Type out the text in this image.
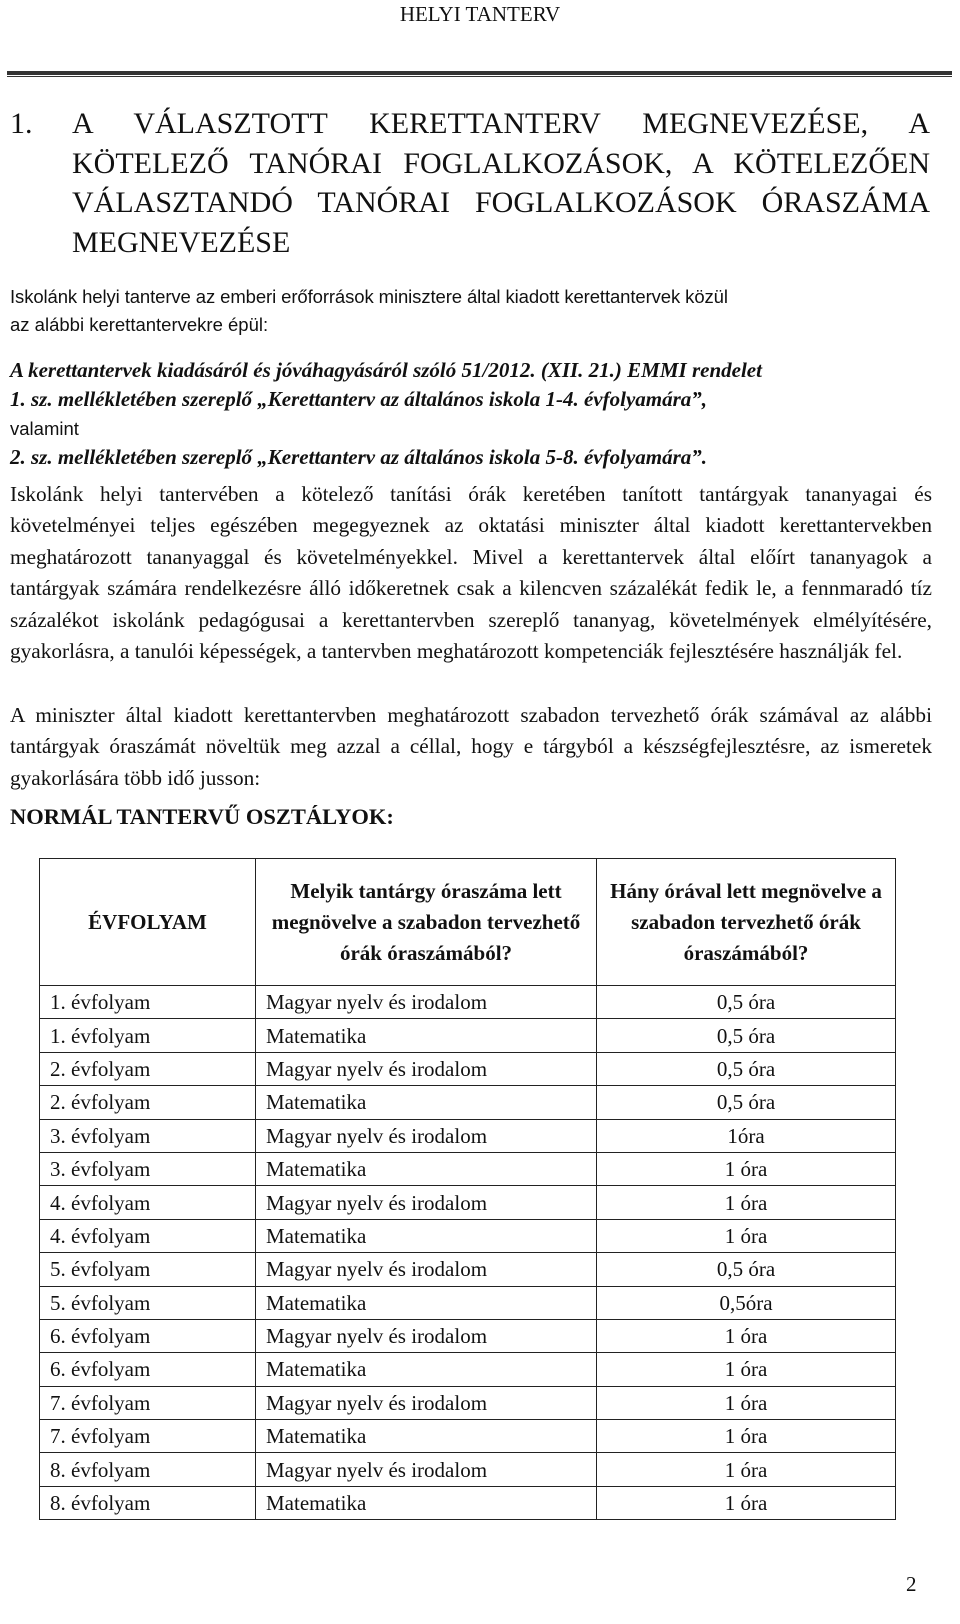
HELYI TANTERV
1. A VÁLASZTOTT KERETTANTERV MEGNEVEZÉSE, A
KÖTELEZŐ TANÓRAI FOGLALKOZÁSOK, A KÖTELEZŐEN
VÁLASZTANDÓ TANÓRAI FOGLALKOZÁSOK ÓRASZÁMA
MEGNEVEZÉSE
Iskolánk helyi tanterve az emberi erőforrások minisztere által kiadott kerettantervek közül
az alábbi kerettantervekre épül:
A kerettantervek kiadásáról és jóváhagyásáról szóló 51/2012. (XII. 21.) EMMI rendelet
1. sz. mellékletében szereplő „Kerettanterv az általános iskola 1-4. évfolyamára”,
valamint
2. sz. mellékletében szereplő „Kerettanterv az általános iskola 5-8. évfolyamára”.
Iskolánk helyi tantervében a kötelező tanítási órák keretében tanított tantárgyak tananyagai és követelményei teljes egészében megegyeznek az oktatási miniszter által kiadott kerettantervekben meghatározott tananyaggal és követelményekkel. Mivel a kerettantervek által előírt tananyagok a tantárgyak számára rendelkezésre álló időkeretnek csak a kilencven százalékát fedik le, a fennmaradó tíz százalékot iskolánk pedagógusai a kerettantervben szereplő tananyag, követelmények elmélyítésére, gyakorlásra, a tanulói képességek, a tantervben meghatározott kompetenciák fejlesztésére használják fel.
A miniszter által kiadott kerettantervben meghatározott szabadon tervezhető órák számával az alábbi tantárgyak óraszámát növeltük meg azzal a céllal, hogy e tárgyból a készségfejlesztésre, az ismeretek gyakorlására több idő jusson:
NORMÁL TANTERVŰ OSZTÁLYOK:
ÉVFOLYAM	Melyik tantárgy óraszáma lett megnövelve a szabadon tervezhető órák óraszámából?	Hány órával lett megnövelve a szabadon tervezhető órák óraszámából?
1. évfolyam	Magyar nyelv és irodalom	0,5 óra
1. évfolyam	Matematika	0,5 óra
2. évfolyam	Magyar nyelv és irodalom	0,5 óra
2. évfolyam	Matematika	0,5 óra
3. évfolyam	Magyar nyelv és irodalom	1óra
3. évfolyam	Matematika	1 óra
4. évfolyam	Magyar nyelv és irodalom	1 óra
4. évfolyam	Matematika	1 óra
5. évfolyam	Magyar nyelv és irodalom	0,5 óra
5. évfolyam	Matematika	0,5óra
6. évfolyam	Magyar nyelv és irodalom	1 óra
6. évfolyam	Matematika	1 óra
7. évfolyam	Magyar nyelv és irodalom	1 óra
7. évfolyam	Matematika	1 óra
8. évfolyam	Magyar nyelv és irodalom	1 óra
8. évfolyam	Matematika	1 óra
2
